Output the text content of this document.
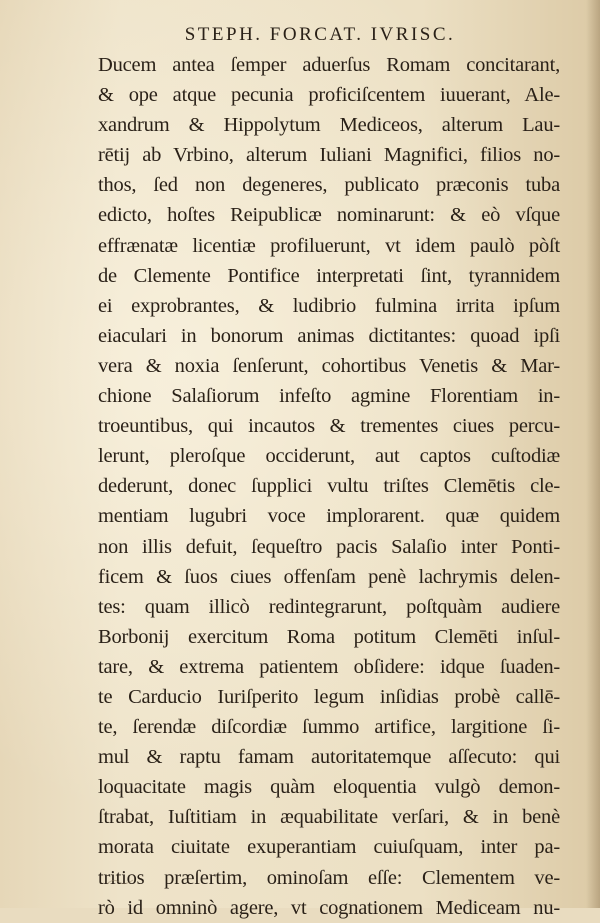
STEPH. FORCAT. IVRISC.
Ducem antea ſemper aduerſus Romam concitarant,
& ope atque pecunia proficiſcentem iuuerant, Ale-
xandrum & Hippolytum Mediceos, alterum Lau-
rētij ab Vrbino, alterum Iuliani Magnifici, filios no-
thos, ſed non degeneres, publicato præconis tuba
edicto, hoſtes Reipublicæ nominarunt: & eò vſque
effrænatæ licentiæ profiluerunt, vt idem paulò pòſt
de Clemente Pontifice interpretati ſint, tyrannidem
ei exprobrantes, & ludibrio fulmina irrita ipſum
eiaculari in bonorum animas dictitantes: quoad ipſi
vera & noxia ſenſerunt, cohortibus Venetis & Mar-
chione Salaſiorum infeſto agmine Florentiam in-
troeuntibus, qui incautos & trementes ciues percu-
lerunt, pleroſque occiderunt, aut captos cuſtodiæ
dederunt, donec ſupplici vultu triſtes Clemētis cle-
mentiam lugubri voce implorarent. quæ quidem
non illis defuit, ſequeſtro pacis Salaſio inter Ponti-
ficem & ſuos ciues offenſam penè lachrymis delen-
tes: quam illicò redintegrarunt, poſtquàm audiere
Borbonij exercitum Roma potitum Clemēti inſul-
tare, & extrema patientem obſidere: idque ſuaden-
te Carducio Iuriſperito legum inſidias probè callē-
te, ſerendæ diſcordiæ ſummo artifice, largitione ſi-
mul & raptu famam autoritatemque aſſecuto: qui
loquacitate magis quàm eloquentia vulgò demon-
ſtrabat, Iuſtitiam in æquabilitate verſari, & in benè
morata ciuitate exuperantiam cuiuſquam, inter pa-
tritios præſertim, ominoſam eſſe: Clementem ve-
rò id omninò agere, vt cognationem Mediceam nu-
